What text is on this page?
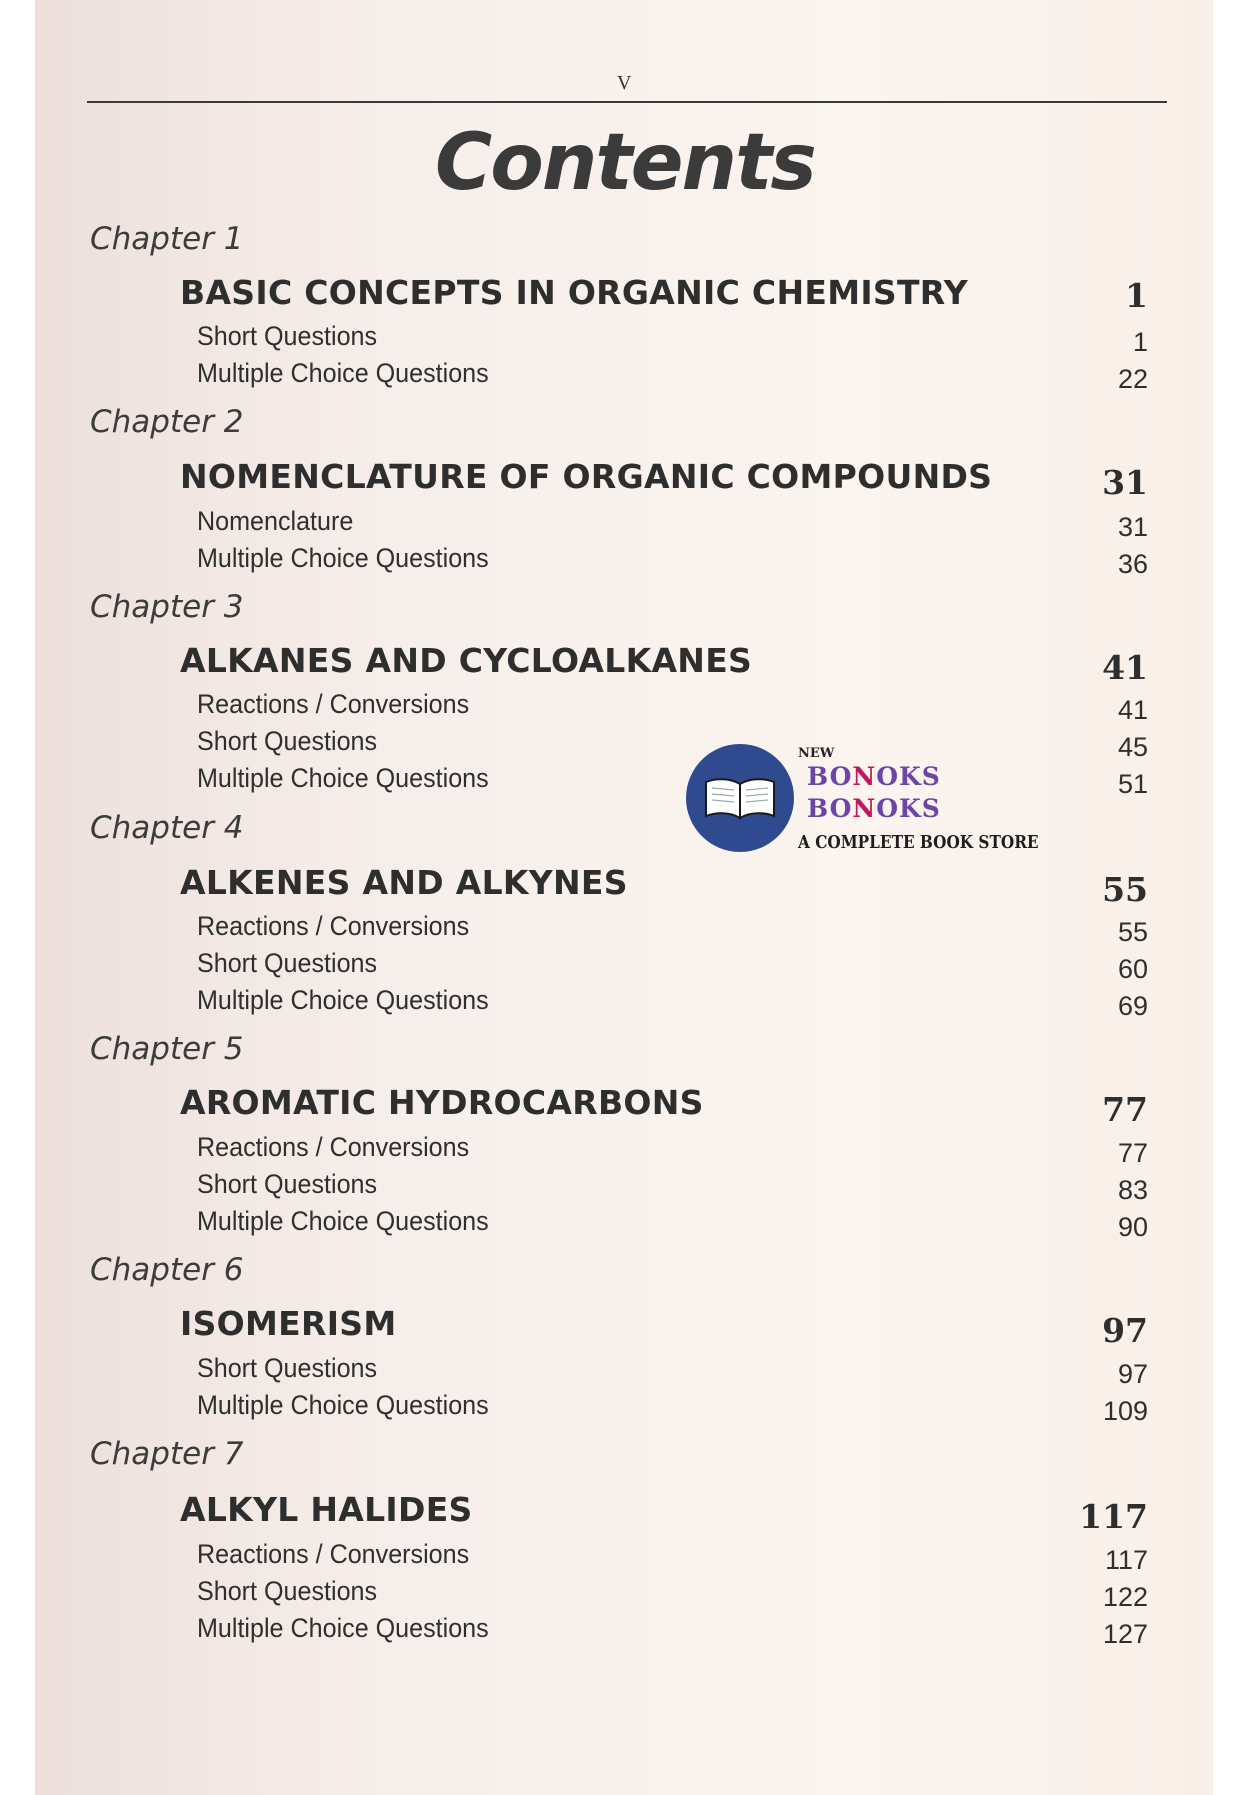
V
Contents
Chapter 1
BASIC CONCEPTS IN ORGANIC CHEMISTRY	1
Short Questions	1
Multiple Choice Questions	22
Chapter 2
NOMENCLATURE OF ORGANIC COMPOUNDS	31
Nomenclature	31
Multiple Choice Questions	36
Chapter 3
ALKANES AND CYCLOALKANES	41
Reactions / Conversions	41
Short Questions	45
Multiple Choice Questions	51
Chapter 4
ALKENES AND ALKYNES	55
Reactions / Conversions	55
Short Questions	60
Multiple Choice Questions	69
Chapter 5
AROMATIC HYDROCARBONS	77
Reactions / Conversions	77
Short Questions	83
Multiple Choice Questions	90
Chapter 6
ISOMERISM	97
Short Questions	97
Multiple Choice Questions	109
Chapter 7
ALKYL HALIDES	117
Reactions / Conversions	117
Short Questions	122
Multiple Choice Questions	127
NEW
BONOKS
BONOKS
A COMPLETE BOOK STORE
